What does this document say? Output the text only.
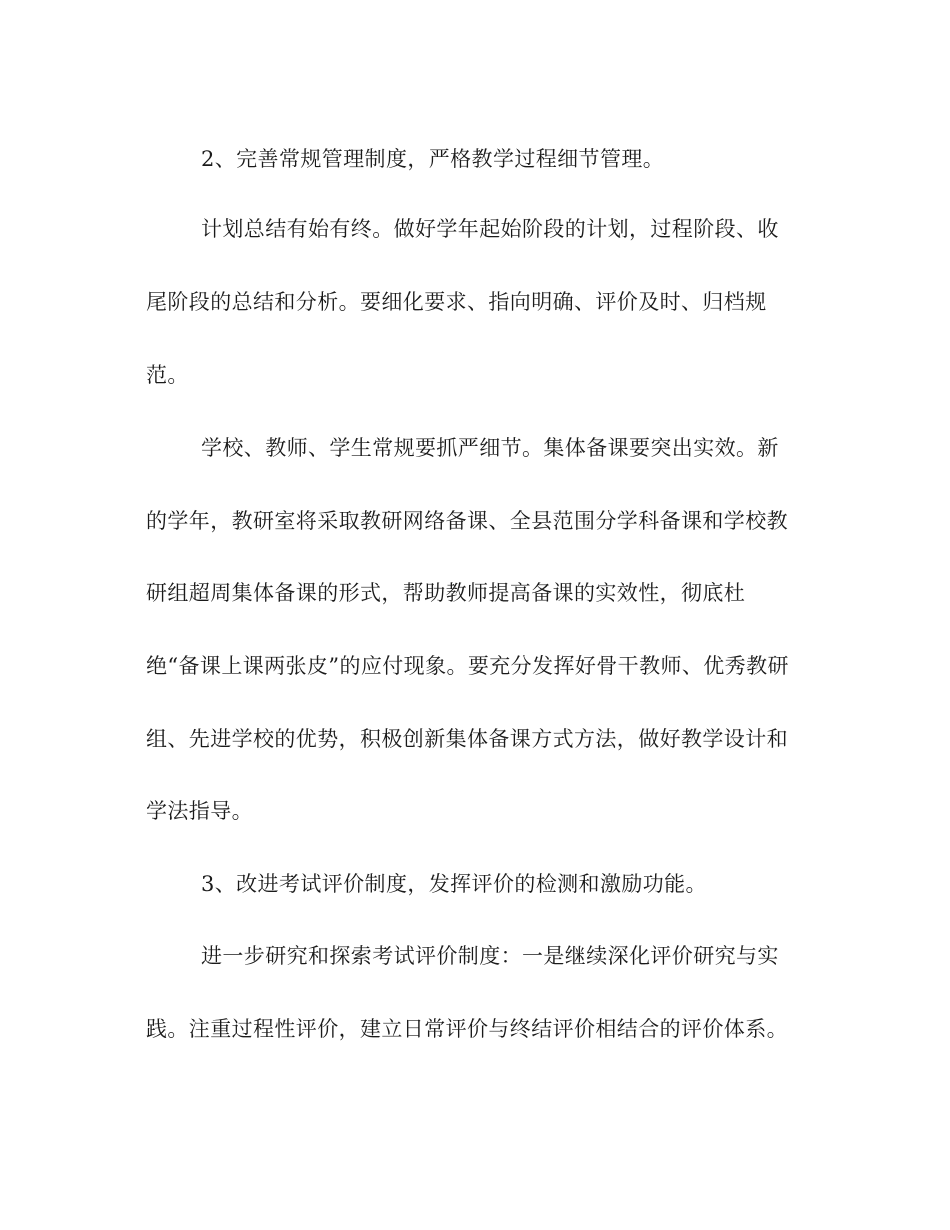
2、完善常规管理制度，严格教学过程细节管理。
计划总结有始有终。做好学年起始阶段的计划，过程阶段、收
尾阶段的总结和分析。要细化要求、指向明确、评价及时、归档规
范。
学校、教师、学生常规要抓严细节。集体备课要突出实效。新
的学年，教研室将采取教研网络备课、全县范围分学科备课和学校教
研组超周集体备课的形式，帮助教师提高备课的实效性，彻底杜
绝“备课上课两张皮”的应付现象。要充分发挥好骨干教师、优秀教研
组、先进学校的优势，积极创新集体备课方式方法，做好教学设计和
学法指导。
3、改进考试评价制度，发挥评价的检测和激励功能。
进一步研究和探索考试评价制度：一是继续深化评价研究与实
践。注重过程性评价，建立日常评价与终结评价相结合的评价体系。
